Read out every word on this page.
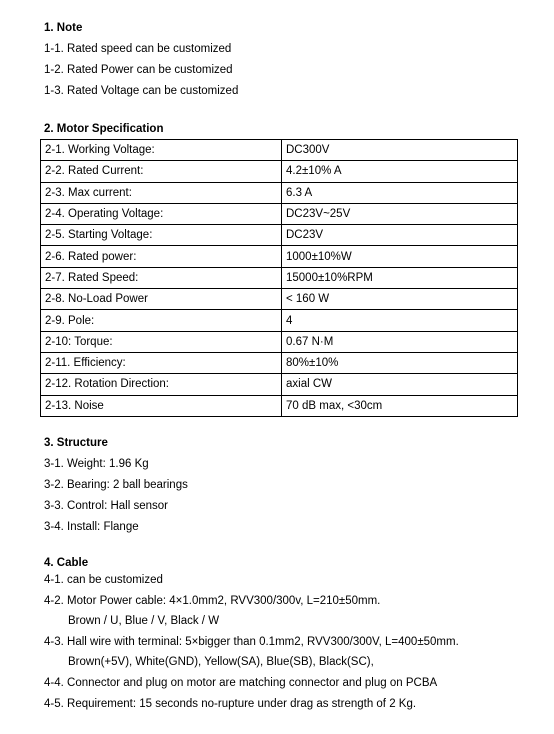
1. Note
1-1. Rated speed can be customized
1-2. Rated Power can be customized
1-3. Rated Voltage can be customized
2. Motor Specification
2-1. Working Voltage:	DC300V
2-2. Rated Current:	4.2±10% A
2-3. Max current:	6.3 A
2-4. Operating Voltage:	DC23V~25V
2-5. Starting Voltage:	DC23V
2-6. Rated power:	1000±10%W
2-7. Rated Speed:	15000±10%RPM
2-8. No-Load Power	< 160 W
2-9. Pole:	4
2-10: Torque:	0.67 N·M
2-11. Efficiency:	80%±10%
2-12. Rotation Direction:	axial CW
2-13. Noise	70 dB max, <30cm
3. Structure
3-1. Weight: 1.96 Kg
3-2. Bearing: 2 ball bearings
3-3. Control: Hall sensor
3-4. Install: Flange
4. Cable
4-1. can be customized
4-2. Motor Power cable: 4×1.0mm2, RVV300/300v, L=210±50mm.
Brown / U, Blue / V, Black / W
4-3. Hall wire with terminal: 5×bigger than 0.1mm2, RVV300/300V, L=400±50mm.
Brown(+5V), White(GND), Yellow(SA), Blue(SB), Black(SC),
4-4. Connector and plug on motor are matching connector and plug on PCBA
4-5. Requirement: 15 seconds no-rupture under drag as strength of 2 Kg.
